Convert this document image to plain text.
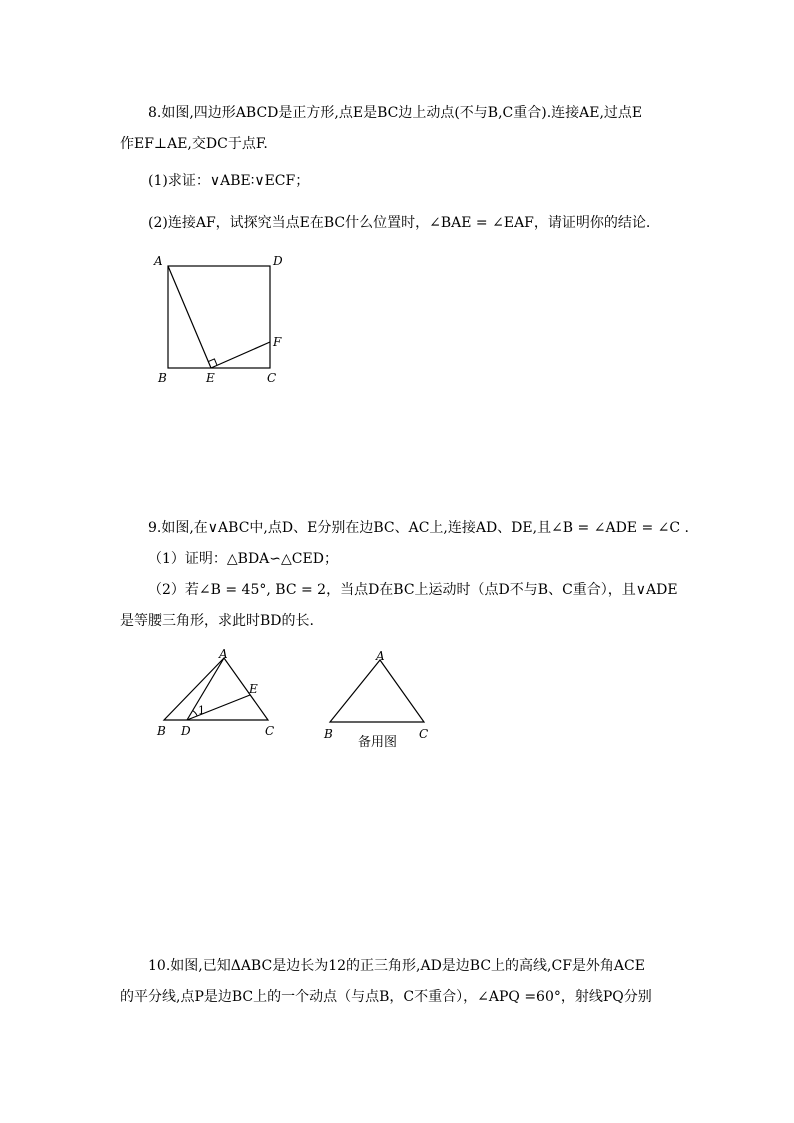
8.如图,四边形ABCD是正方形,点E是BC边上动点(不与B,C重合).连接AE,过点E
作EF⊥AE,交DC于点F.
(1)求证：∨ABE∶∨ECF；
(2)连接AF，试探究当点E在BC什么位置时，∠BAE = ∠EAF，请证明你的结论.
A	D
F
B	E	C
9.如图,在∨ABC中,点D、E分别在边BC、AC上,连接AD、DE,且∠B = ∠ADE = ∠C .
（1）证明：△BDA∽△CED；
（2）若∠B = 45°, BC = 2，当点D在BC上运动时（点D不与B、C重合），且∨ADE
是等腰三角形，求此时BD的长.
A
E
1
B D	C
A
B	C
备用图
10.如图,已知ΔABC是边长为12的正三角形,AD是边BC上的高线,CF是外角ACE
的平分线,点P是边BC上的一个动点（与点B，C不重合），∠APQ =60°，射线PQ分别
